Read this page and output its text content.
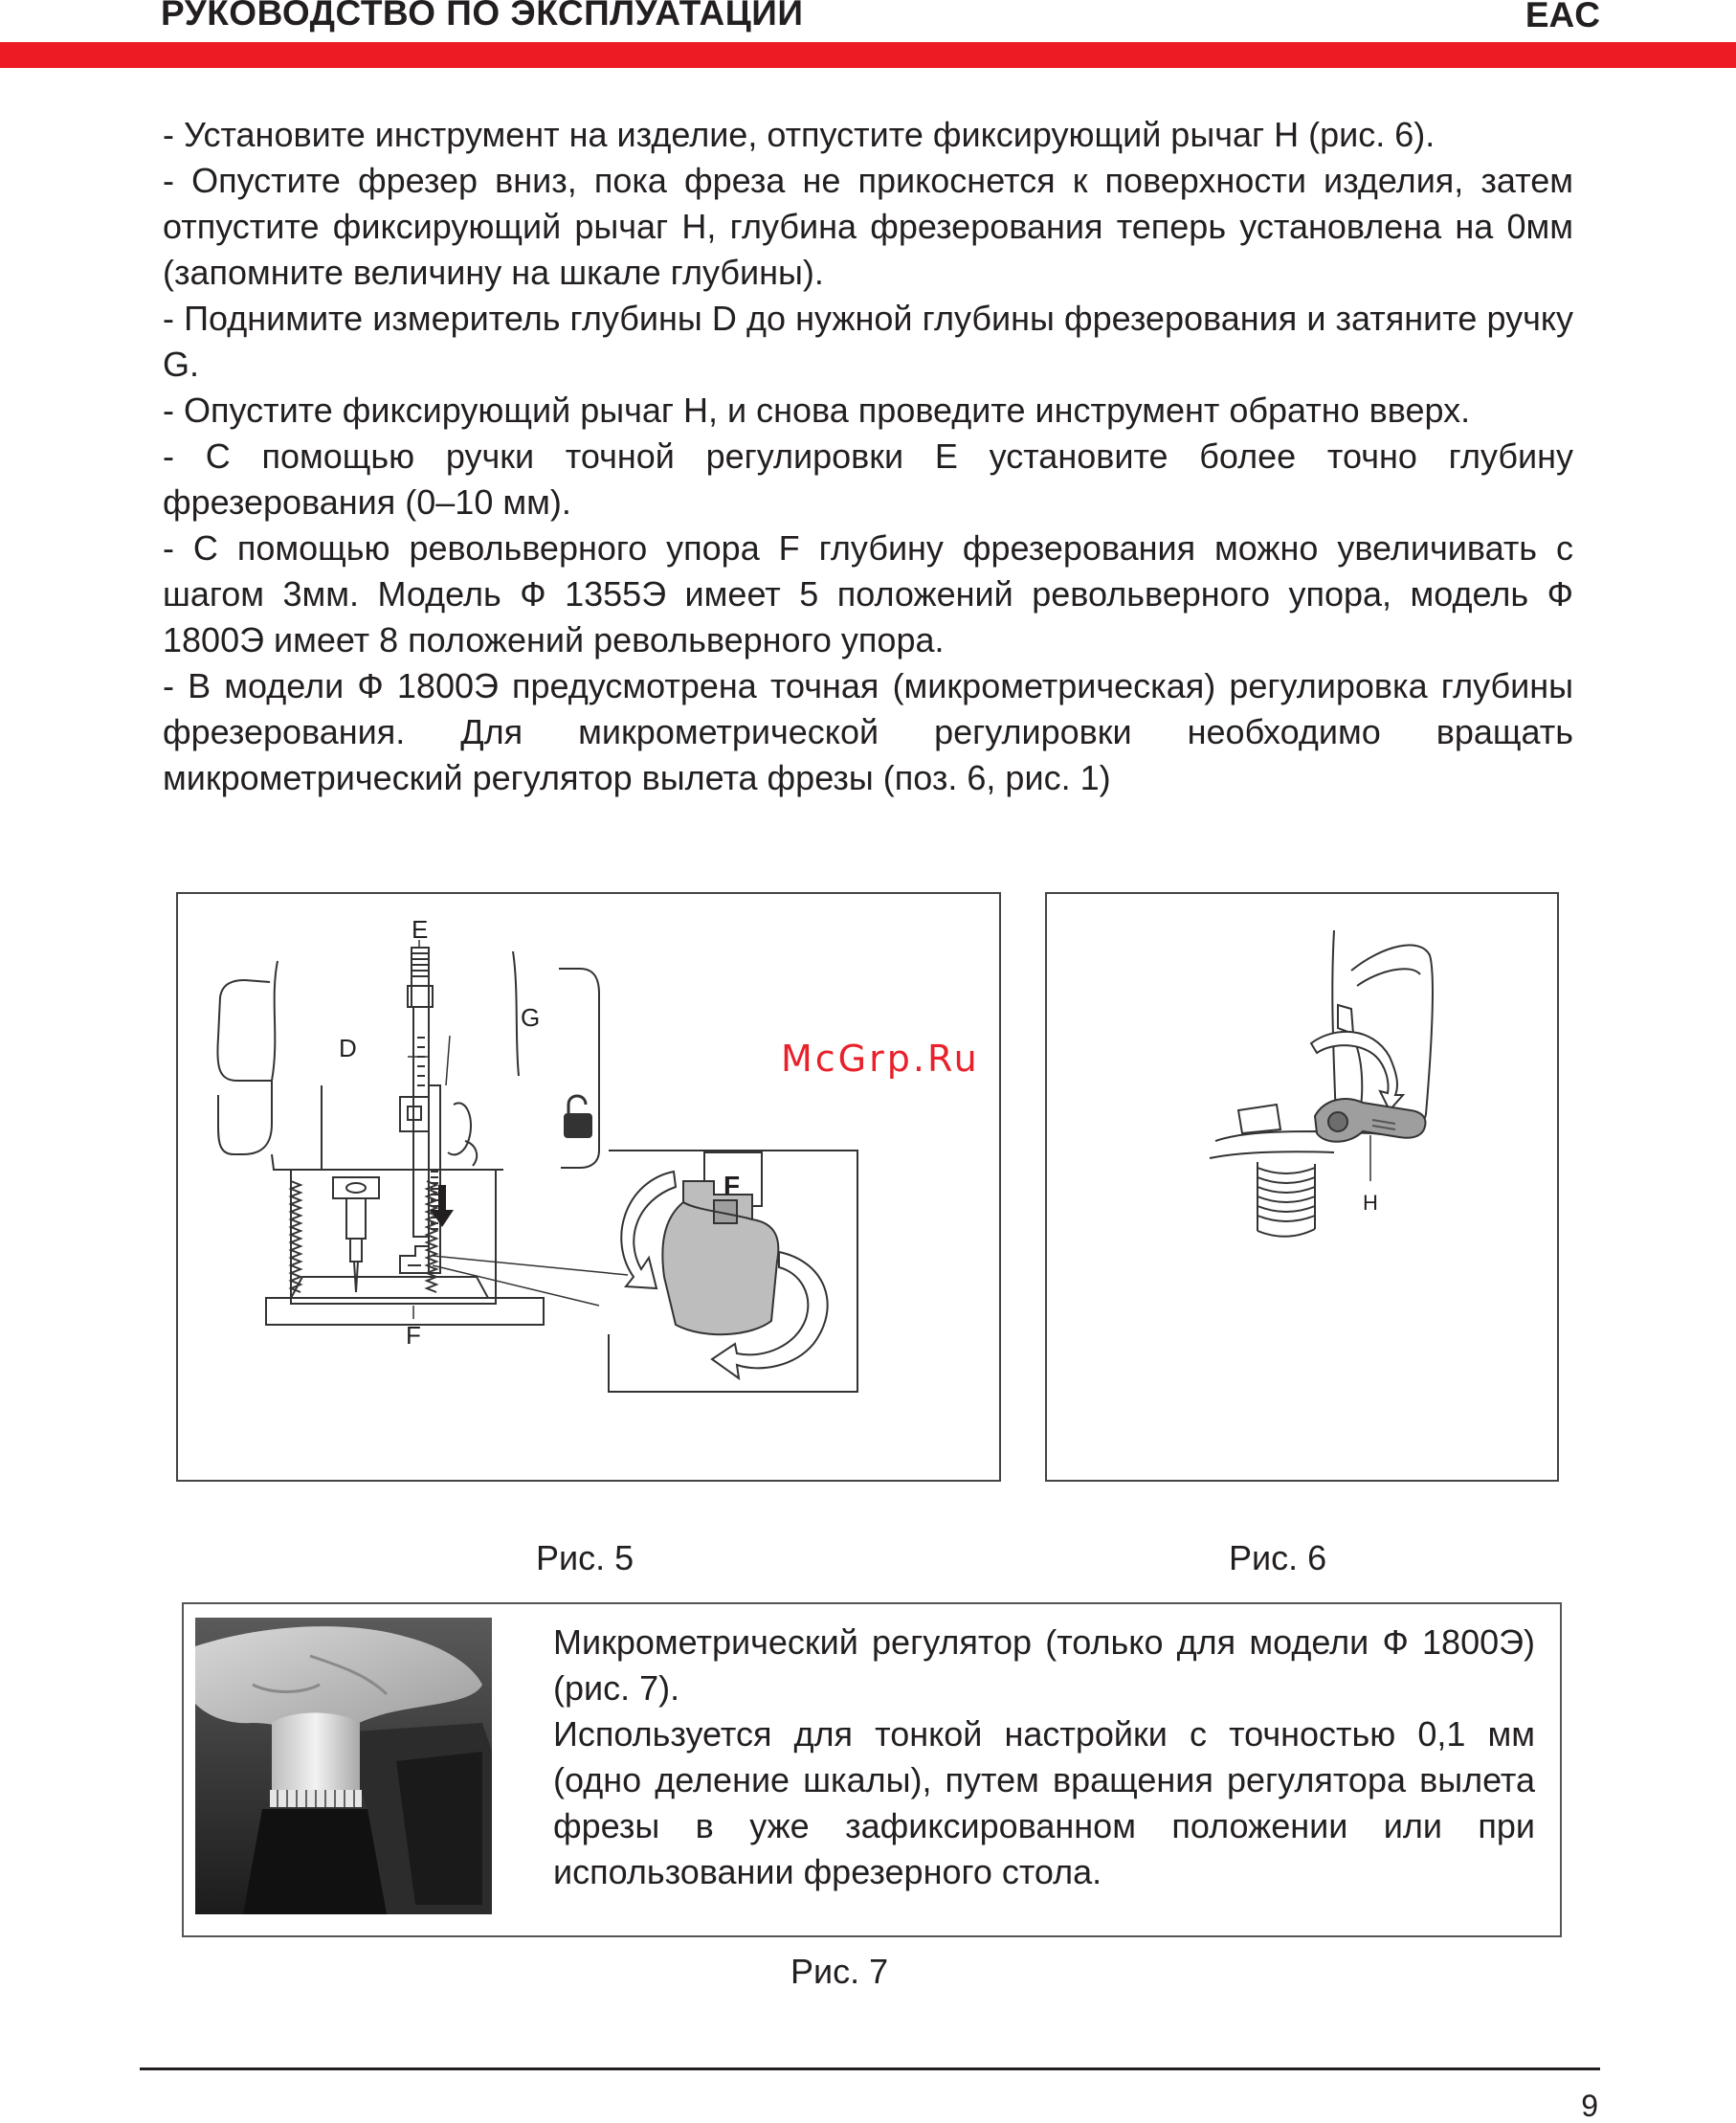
РУКОВОДСТВО ПО ЭКСПЛУАТАЦИИ	EAC

- Установите инструмент на изделие, отпустите фиксирующий рычаг H (рис. 6).

- Опустите фрезер вниз, пока фреза не прикоснется к поверхности изделия, затем отпустите фиксирующий рычаг H, глубина фрезерования теперь установлена на 0мм (запомните величину на шкале глубины).

- Поднимите измеритель глубины D до нужной глубины фрезерования и затяните ручку G.

- Опустите фиксирующий рычаг H, и снова проведите инструмент обратно вверх.

- С помощью ручки точной регулировки E установите более точно глубину фрезерования (0–10 мм).

- С помощью револьверного упора F глубину фрезерования можно увеличивать с шагом 3мм. Модель Ф 1355Э имеет 5 положений револьверного упора, модель Ф 1800Э имеет 8 положений револьверного упора.

- В модели Ф 1800Э предусмотрена точная (микрометрическая) регулировка глубины фрезерования. Для микрометрической регулировки необходимо вращать микрометрический регулятор вылета фрезы (поз. 6, рис. 1)

E
D
G
F
F
McGrp.Ru
H
Рис. 5	Рис. 6

Микрометрический регулятор (только для модели Ф 1800Э) (рис. 7).

Используется для тонкой настройки с точностью 0,1 мм (одно деление шкалы), путем вращения регулятора вылета фрезы в уже зафиксированном положении или при использовании фрезерного стола.

Рис. 7
9
